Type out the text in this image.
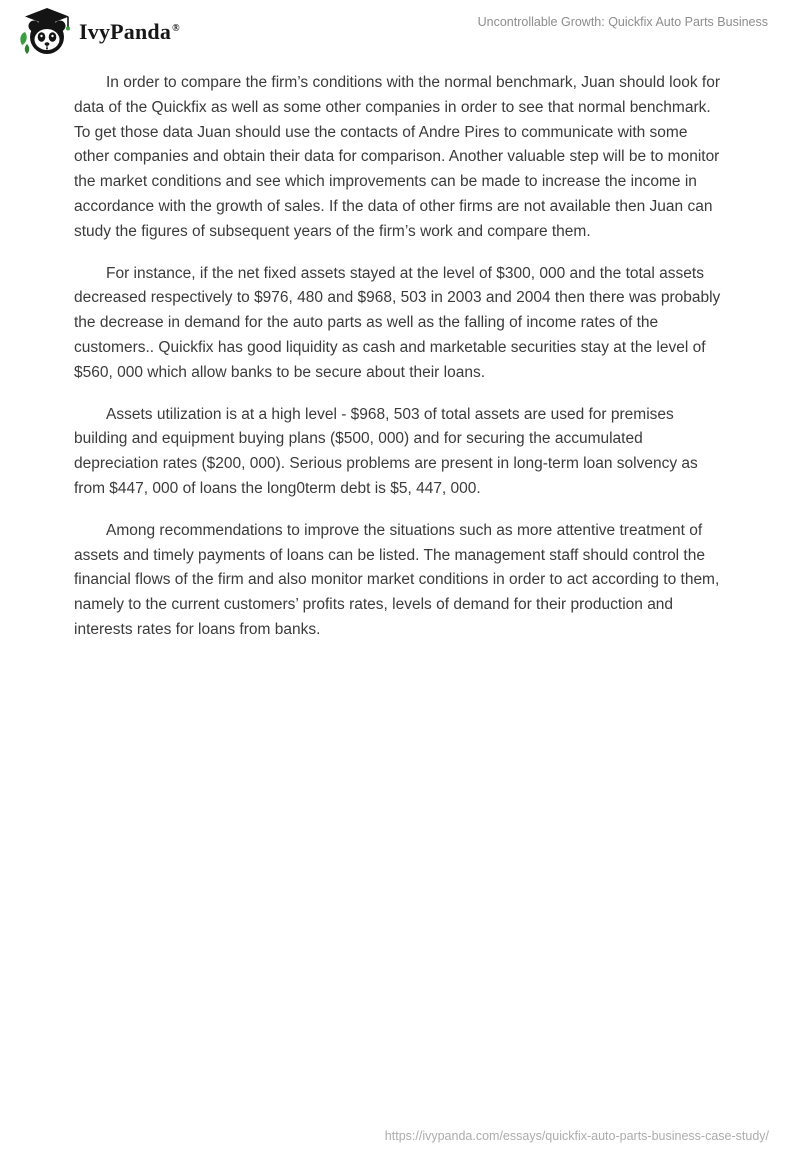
IvyPanda®	Uncontrollable Growth: Quickfix Auto Parts Business

In order to compare the firm’s conditions with the normal benchmark, Juan should look for data of the Quickfix as well as some other companies in order to see that normal benchmark. To get those data Juan should use the contacts of Andre Pires to communicate with some other companies and obtain their data for comparison. Another valuable step will be to monitor the market conditions and see which improvements can be made to increase the income in accordance with the growth of sales. If the data of other firms are not available then Juan can study the figures of subsequent years of the firm’s work and compare them.

For instance, if the net fixed assets stayed at the level of $300, 000 and the total assets decreased respectively to $976, 480 and $968, 503 in 2003 and 2004 then there was probably the decrease in demand for the auto parts as well as the falling of income rates of the customers.. Quickfix has good liquidity as cash and marketable securities stay at the level of $560, 000 which allow banks to be secure about their loans.

Assets utilization is at a high level - $968, 503 of total assets are used for premises building and equipment buying plans ($500, 000) and for securing the accumulated depreciation rates ($200, 000). Serious problems are present in long-term loan solvency as from $447, 000 of loans the long0term debt is $5, 447, 000.

Among recommendations to improve the situations such as more attentive treatment of assets and timely payments of loans can be listed. The management staff should control the financial flows of the firm and also monitor market conditions in order to act according to them, namely to the current customers’ profits rates, levels of demand for their production and interests rates for loans from banks.

https://ivypanda.com/essays/quickfix-auto-parts-business-case-study/
